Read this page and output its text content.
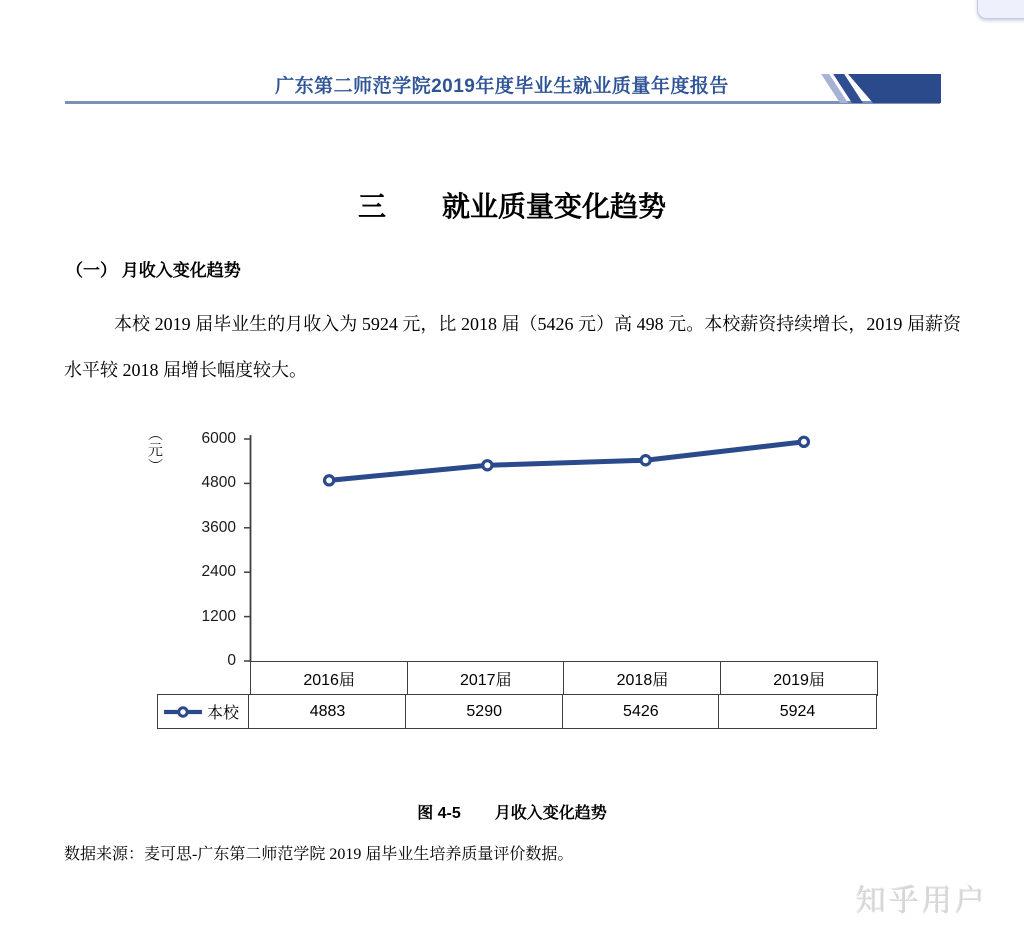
广东第二师范学院2019年度毕业生就业质量年度报告
三　　就业质量变化趋势
（一） 月收入变化趋势

本校 2019 届毕业生的月收入为 5924 元，比 2018 届（5426 元）高 498 元。本校薪资持续增长，2019 届薪资水平较 2018 届增长幅度较大。

（元）
0
1200
2400
3600
4800
6000
2016届	2017届	2018届	2019届
本校	4883	5290	5426	5924
图 4-5 月收入变化趋势
数据来源：麦可思-广东第二师范学院 2019 届毕业生培养质量评价数据。
知乎用户
